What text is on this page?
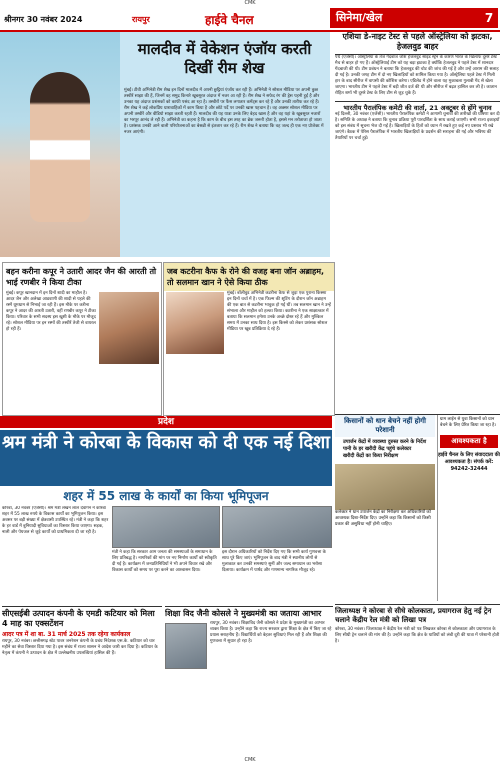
CMK
श्रीनगर 30 नवंबर 2024	रायपुर	हाईवे चैनल	सिनेमा/खेल	7
मालदीव में वेकेशन एंजॉय करती दिखीं रीम शेख
मुंबई। टीवी अभिनेत्री रीम शेख इन दिनों मालदीव में अपनी छुट्टियां एंजॉय कर रही हैं। अभिनेत्री ने सोशल मीडिया पर अपनी कुछ तस्वीरें साझा की हैं, जिनमें वह समुद्र किनारे खूबसूरत अंदाज में नजर आ रही हैं। रीम शेख ने सफेद रंग की ड्रेस पहनी हुई है और उनका यह अंदाज प्रशंसकों को काफी पसंद आ रहा है। तस्वीरों पर फैंस लगातार कमेंट्स कर रहे हैं और उनकी तारीफ कर रहे हैं। रीम शेख ने कई लोकप्रिय धारावाहिकों में काम किया है और छोटे पर्दे पर उनकी खास पहचान है। वह अक्सर सोशल मीडिया पर अपनी तस्वीरें और वीडियो साझा करती रहती हैं। मालदीव की यह यात्रा उनके लिए बेहद खास है और वह यहां के खूबसूरत नजारों का भरपूर आनंद ले रही हैं। अभिनेत्री का कहना है कि काम के बीच इस तरह का ब्रेक जरूरी होता है, इससे मन तरोताजा हो जाता है। प्रशंसक उनकी आने वाली परियोजनाओं का बेसब्री से इंतजार कर रहे हैं। रीम शेख ने बताया कि वह जल्द ही एक नए प्रोजेक्ट में नजर आएंगी।
एशिया डे-नाइट टेस्ट से पहले ऑस्ट्रेलिया को झटका, हेजलवुड बाहर
पर्थ (एजेंसी)। ऑस्ट्रेलिया के तेज गेंदबाज जोश हेजलवुड साइड स्ट्रेन के कारण भारत के खिलाफ दूसरे टेस्ट मैच से बाहर हो गए हैं। ऑस्ट्रेलियाई टीम को यह बड़ा झटका है क्योंकि हेजलवुड ने पहले टेस्ट में शानदार गेंदबाजी की थी। टीम प्रबंधन ने बताया कि हेजलवुड की चोट की जांच की गई है और उन्हें आराम की सलाह दी गई है। उनकी जगह टीम में दो नए खिलाड़ियों को शामिल किया गया है। ऑस्ट्रेलिया पहले टेस्ट में मिली हार के बाद सीरीज में वापसी की कोशिश करेगा। एडिलेड में होने वाला यह मुकाबला गुलाबी गेंद से खेला जाएगा। भारतीय टीम ने पहले टेस्ट में बड़ी जीत दर्ज की थी और सीरीज में बढ़त हासिल कर ली है। कप्तान रोहित शर्मा भी दूसरे टेस्ट के लिए टीम से जुड़ चुके हैं।
भारतीय पैरालंपिक कमेटी की वार्ता, 21 अक्टूबर से होंगे चुनाव
नई दिल्ली, 30 नवंबर (एजेंसी)। भारतीय पैरालंपिक कमेटी ने आगामी चुनावों की तारीखों की घोषणा कर दी है। समिति के अध्यक्ष ने बताया कि चुनाव प्रक्रिया पूरी पारदर्शिता के साथ कराई जाएगी। सभी राज्य इकाइयों को इस संबंध में सूचना भेज दी गई है। खिलाड़ियों के हितों को ध्यान में रखते हुए कई नए प्रस्ताव भी रखे जाएंगे। बैठक में पेरिस पैरालंपिक में भारतीय खिलाड़ियों के प्रदर्शन की सराहना की गई और भविष्य की तैयारियों पर चर्चा हुई।
बहन करीना कपूर ने उतारी आदर जैन की आरती तो भाई रणबीर ने किया टीका
मुंबई। कपूर खानदान में इन दिनों शादी का माहौल है। आदर जैन और अलेखा आडवाणी की शादी से पहले की रस्में धूमधाम से निभाई जा रही हैं। इस मौके पर करीना कपूर ने आदर की आरती उतारी, वहीं रणबीर कपूर ने टीका किया। परिवार के सभी सदस्य इस खुशी के मौके पर मौजूद रहे। सोशल मीडिया पर इन रस्मों की तस्वीरें तेजी से वायरल हो रही हैं।
जब कटरीना कैफ के रोने की वजह बना जॉन अब्राहम, तो सलमान खान ने ऐसे किया ठीक
मुंबई। बॉलीवुड अभिनेत्री कटरीना कैफ से जुड़ा एक पुराना किस्सा इन दिनों चर्चा में है। एक फिल्म की शूटिंग के दौरान जॉन अब्राहम की एक बात से कटरीना भावुक हो गई थीं। तब सलमान खान ने उन्हें संभाला और माहौल को हल्का किया। कटरीना ने एक साक्षात्कार में बताया कि सलमान हमेशा उनके अच्छे दोस्त रहे हैं और मुश्किल समय में उनका साथ दिया है। इस किस्से को लेकर प्रशंसक सोशल मीडिया पर खूब प्रतिक्रिया दे रहे हैं।
प्रदेश
श्रम मंत्री ने कोरबा के विकास को दी एक नई दिशा
शहर में 55 लाख के कार्यों का किया भूमिपूजन
कोरबा, 30 नवंबर (एजेंसी)। श्रम मंत्री लखन लाल देवांगन ने कोरबा शहर में 55 लाख रुपये के विकास कार्यों का भूमिपूजन किया। इस अवसर पर बड़ी संख्या में क्षेत्रवासी उपस्थित रहे। मंत्री ने कहा कि शहर के हर वार्ड में बुनियादी सुविधाओं का विस्तार किया जाएगा। सड़क, नाली और पेयजल से जुड़े कार्यों को प्राथमिकता दी जा रही है।
मंत्री ने कहा कि सरकार आम जनता की समस्याओं के समाधान के लिए प्रतिबद्ध है। नागरिकों की मांग पर नए निर्माण कार्यों को स्वीकृति दी गई है। कार्यक्रम में जनप्रतिनिधियों ने भी अपने विचार रखे और विकास कार्यों को समय पर पूरा करने का आश्वासन दिया।
इस दौरान अधिकारियों को निर्देश दिए गए कि सभी कार्य गुणवत्ता के साथ पूरे किए जाएं। भूमिपूजन के बाद मंत्री ने स्थानीय लोगों से मुलाकात कर उनकी समस्याएं सुनीं और जल्द समाधान का भरोसा दिलाया। कार्यक्रम में पार्षद और गणमान्य नागरिक मौजूद रहे।
किसानों को धान बेचने नहीं होगी परेशानी
• उपार्जन केंद्रों में व्यवस्था दुरुस्त करने के निर्देश
• पानी के हर खरीदी केंद्र पहुंचे कलेक्टर
• खरीदी केंद्रों का किया निरीक्षण
कलेक्टर ने धान उपार्जन केंद्रों का निरीक्षण कर अधिकारियों को आवश्यक दिशा-निर्देश दिए। उन्होंने कहा कि किसानों को किसी प्रकार की असुविधा नहीं होनी चाहिए।
ग्राम लाईन से युवा किसानों को धान बेचने के लिए प्रेरित किया जा रहा है।
आवश्यकता है
हाईवे चैनल के लिए संवाददाता की आवश्यकता है। संपर्क करें: 94242-32444
सीएसईबी उत्पादन कंपनी के एमडी कटियार को मिला 4 माह का एक्सटेंशन
आदर पत्र में शा बा. 31 मार्च 2025 तक रहेगा कार्यकाल
रायपुर, 30 नवंबर। छत्तीसगढ़ स्टेट पावर जनरेशन कंपनी के प्रबंध निदेशक एस.के. कटियार को चार महीने का सेवा विस्तार दिया गया है। इस संबंध में राज्य शासन ने आदेश जारी कर दिया है। कटियार के नेतृत्व में कंपनी ने उत्पादन के क्षेत्र में उल्लेखनीय उपलब्धियां हासिल की हैं।
शिक्षा विद जैनी कोसले ने मुख्यमंत्री का जताया आभार
रायपुर, 30 नवंबर। शिक्षाविद जैनी कोसले ने प्रदेश के मुख्यमंत्री का आभार व्यक्त किया है। उन्होंने कहा कि राज्य सरकार द्वारा शिक्षा के क्षेत्र में किए जा रहे प्रयास सराहनीय हैं। विद्यार्थियों को बेहतर सुविधाएं मिल रही हैं और शिक्षा की गुणवत्ता में सुधार हो रहा है।
जिलाध्यक्ष ने कोरबा से सीधे कोलकाता, प्रयागराज हेतु नई ट्रेन चलाने केंद्रीय रेल मंत्री को लिखा पत्र
कोरबा, 30 नवंबर। जिलाध्यक्ष ने केंद्रीय रेल मंत्री को पत्र लिखकर कोरबा से कोलकाता और प्रयागराज के लिए सीधी ट्रेन चलाने की मांग की है। उन्होंने कहा कि क्षेत्र के यात्रियों को लंबी दूरी की यात्रा में परेशानी होती है।
CMK
